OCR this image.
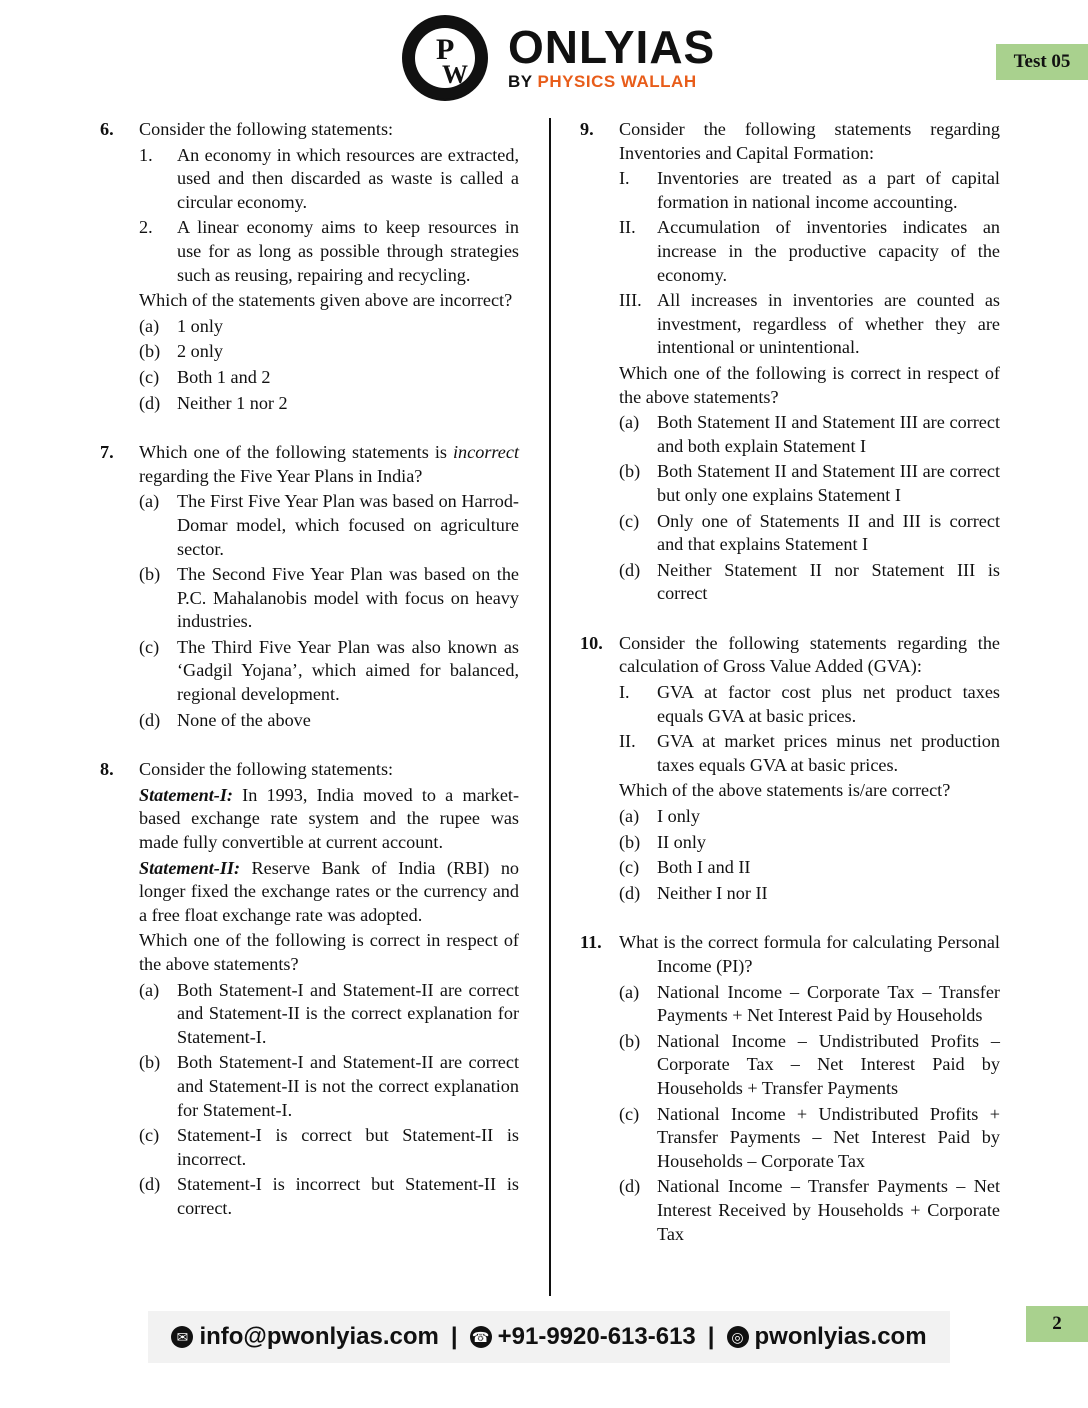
P
W
ONLYIAS
BY PHYSICS WALLAH
Test 05
6. Consider the following statements:
1. An economy in which resources are extracted, used and then discarded as waste is called a circular economy.
2. A linear economy aims to keep resources in use for as long as possible through strategies such as reusing, repairing and recycling.
Which of the statements given above are incorrect?
(a) 1 only
(b) 2 only
(c) Both 1 and 2
(d) Neither 1 nor 2
7. Which one of the following statements is incorrect regarding the Five Year Plans in India?
(a) The First Five Year Plan was based on Harrod-Domar model, which focused on agriculture sector.
(b) The Second Five Year Plan was based on the P.C. Mahalanobis model with focus on heavy industries.
(c) The Third Five Year Plan was also known as ‘Gadgil Yojana’, which aimed for balanced, regional development.
(d) None of the above
8. Consider the following statements:
Statement-I: In 1993, India moved to a market-based exchange rate system and the rupee was made fully convertible at current account.
Statement-II: Reserve Bank of India (RBI) no longer fixed the exchange rates or the currency and a free float exchange rate was adopted.
Which one of the following is correct in respect of the above statements?
(a) Both Statement-I and Statement-II are correct and Statement-II is the correct explanation for Statement-I.
(b) Both Statement-I and Statement-II are correct and Statement-II is not the correct explanation for Statement-I.
(c) Statement-I is correct but Statement-II is incorrect.
(d) Statement-I is incorrect but Statement-II is correct.
9. Consider the following statements regarding Inventories and Capital Formation:
I. Inventories are treated as a part of capital formation in national income accounting.
II. Accumulation of inventories indicates an increase in the productive capacity of the economy.
III. All increases in inventories are counted as investment, regardless of whether they are intentional or unintentional.
Which one of the following is correct in respect of the above statements?
(a) Both Statement II and Statement III are correct and both explain Statement I
(b) Both Statement II and Statement III are correct but only one explains Statement I
(c) Only one of Statements II and III is correct and that explains Statement I
(d) Neither Statement II nor Statement III is correct
10. Consider the following statements regarding the calculation of Gross Value Added (GVA):
I. GVA at factor cost plus net product taxes equals GVA at basic prices.
II. GVA at market prices minus net production taxes equals GVA at basic prices.
Which of the above statements is/are correct?
(a) I only
(b) II only
(c) Both I and II
(d) Neither I nor II
11. What is the correct formula for calculating Personal Income (PI)?
(a) National Income – Corporate Tax – Transfer Payments + Net Interest Paid by Households
(b) National Income – Undistributed Profits – Corporate Tax – Net Interest Paid by Households + Transfer Payments
(c) National Income + Undistributed Profits + Transfer Payments – Net Interest Paid by Households – Corporate Tax
(d) National Income – Transfer Payments – Net Interest Received by Households + Corporate Tax
✉ info@pwonlyias.com | ☎ +91-9920-613-613 |	◎ pwonlyias.com	2
